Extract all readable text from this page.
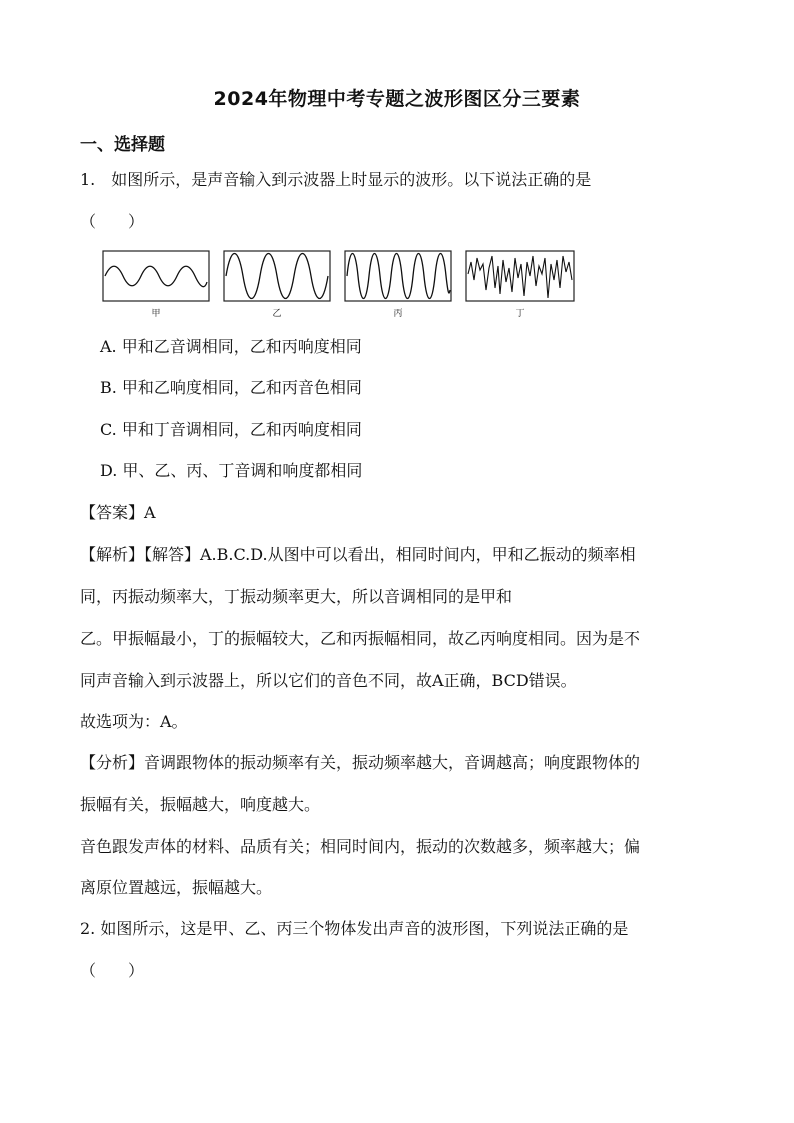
2024年物理中考专题之波形图区分三要素
一、选择题
1.　如图所示，是声音输入到示波器上时显示的波形。以下说法正确的是
（　　）
甲	乙	丙	丁
A. 甲和乙音调相同，乙和丙响度相同
B. 甲和乙响度相同，乙和丙音色相同
C. 甲和丁音调相同，乙和丙响度相同
D. 甲、乙、丙、丁音调和响度都相同
【答案】A
【解析】【解答】A.B.C.D.从图中可以看出，相同时间内，甲和乙振动的频率相
同，丙振动频率大，丁振动频率更大，所以音调相同的是甲和
乙。甲振幅最小，丁的振幅较大，乙和丙振幅相同，故乙丙响度相同。因为是不
同声音输入到示波器上，所以它们的音色不同，故A正确，BCD错误。
故选项为：A。
【分析】音调跟物体的振动频率有关，振动频率越大，音调越高；响度跟物体的
振幅有关，振幅越大，响度越大。
音色跟发声体的材料、品质有关；相同时间内，振动的次数越多，频率越大；偏
离原位置越远，振幅越大。
2. 如图所示，这是甲、乙、丙三个物体发出声音的波形图，下列说法正确的是
（　　）
